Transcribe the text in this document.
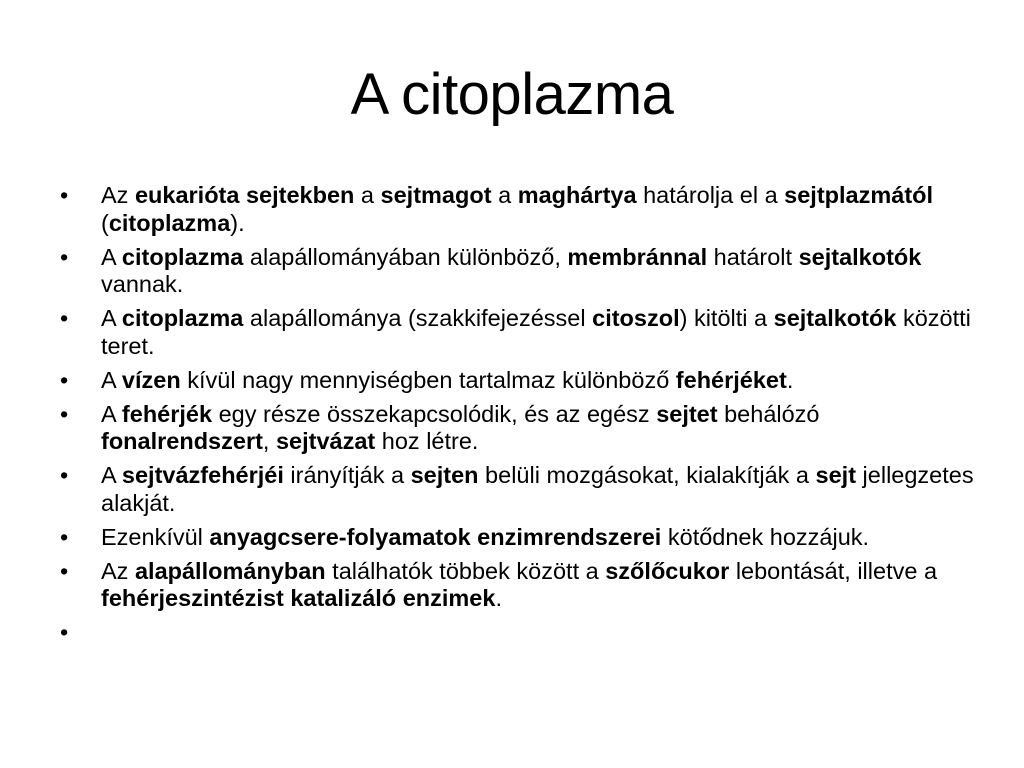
A citoplazma
•	Az eukarióta sejtekben a sejtmagot a maghártya határolja el a sejtplazmától (citoplazma).
•	A citoplazma alapállományában különböző, membránnal határolt sejtalkotók vannak.
•	A citoplazma alapállománya (szakkifejezéssel citoszol) kitölti a sejtalkotók közötti teret.
•	A vízen kívül nagy mennyiségben tartalmaz különböző fehérjéket.
•	A fehérjék egy része összekapcsolódik, és az egész sejtet behálózó fonalrendszert, sejtvázat hoz létre.
•	A sejtvázfehérjéi irányítják a sejten belüli mozgásokat, kialakítják a sejt jellegzetes alakját.
•	Ezenkívül anyagcsere-folyamatok enzimrendszerei kötődnek hozzájuk.
•	Az alapállományban találhatók többek között a szőlőcukor lebontását, illetve a fehérjeszintézist katalizáló enzimek.
•
